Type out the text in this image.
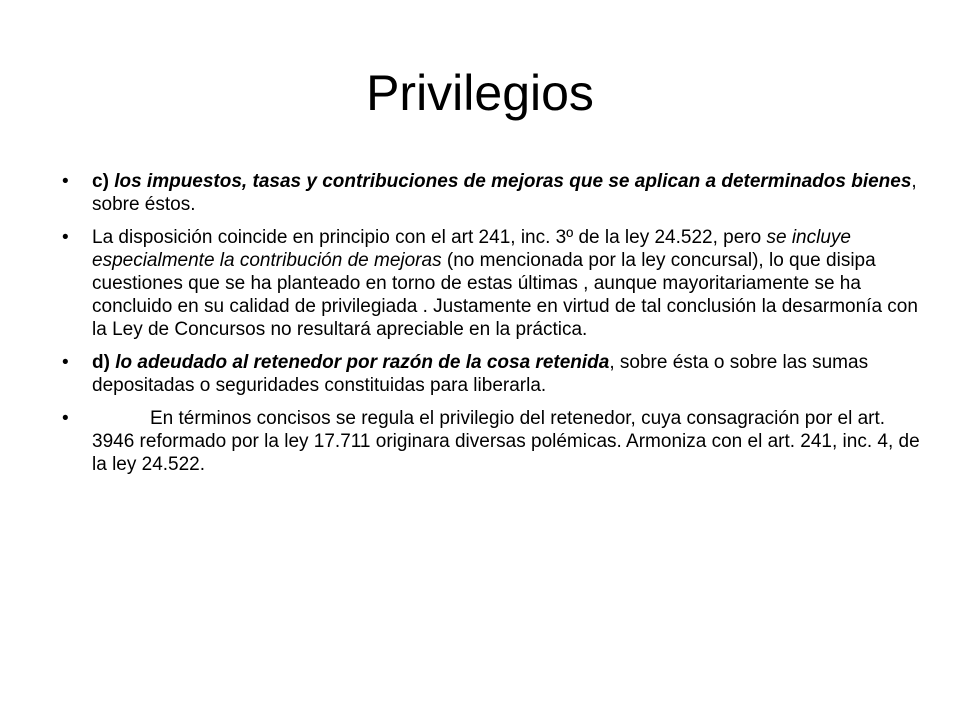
Privilegios
•	c) los impuestos, tasas y contribuciones de mejoras que se aplican a determinados bienes, sobre éstos.
•	La disposición coincide en principio con el art 241, inc. 3º de la ley 24.522, pero se incluye especialmente la contribución de mejoras (no mencionada por la ley concursal), lo que disipa cuestiones que se ha planteado en torno de estas últimas , aunque mayoritariamente se ha concluido en su calidad de privilegiada . Justamente en virtud de tal conclusión la desarmonía con la Ley de Concursos no resultará apreciable en la práctica.
•	d) lo adeudado al retenedor por razón de la cosa retenida, sobre ésta o sobre las sumas depositadas o seguridades constituidas para liberarla.
•	En términos concisos se regula el privilegio del retenedor, cuya consagración por el art. 3946 reformado por la ley 17.711 originara diversas polémicas. Armoniza con el art. 241, inc. 4, de la ley 24.522.
